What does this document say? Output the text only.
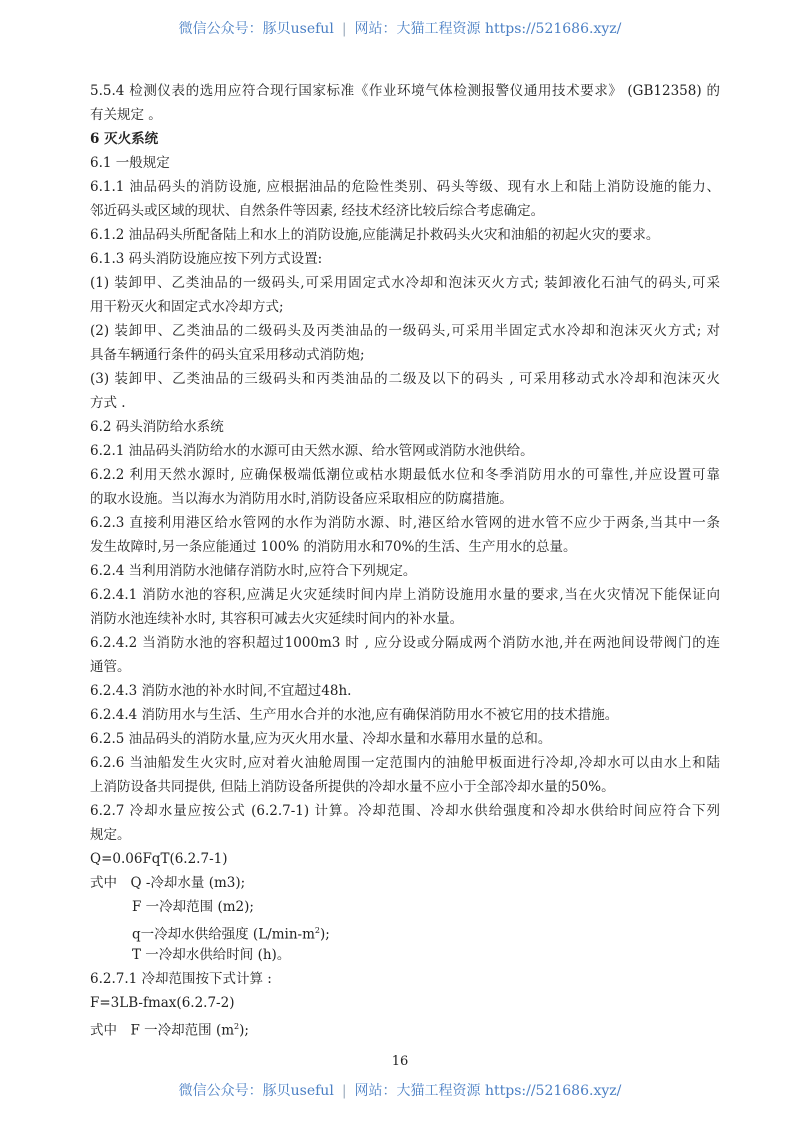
微信公众号：豚贝useful | 网站：大猫工程资源 https://521686.xyz/
5.5.4 检测仪表的选用应符合现行国家标准《作业环境气体检测报警仪通用技术要求》 (GB12358) 的
有关规定 。
6 灭火系统
6.1 一般规定
6.1.1 油品码头的消防设施, 应根据油品的危险性类别、码头等级、现有水上和陆上消防设施的能力、
邻近码头或区域的现状、自然条件等因素, 经技术经济比较后综合考虑确定。
6.1.2 油品码头所配备陆上和水上的消防设施,应能满足扑救码头火灾和油船的初起火灾的要求。
6.1.3 码头消防设施应按下列方式设置:
(1) 装卸甲、乙类油品的一级码头,可采用固定式水冷却和泡沫灭火方式; 装卸液化石油气的码头,可采
用干粉灭火和固定式水冷却方式;
(2) 装卸甲、乙类油品的二级码头及丙类油品的一级码头,可采用半固定式水冷却和泡沫灭火方式; 对
具备车辆通行条件的码头宜采用移动式消防炮;
(3) 装卸甲、乙类油品的三级码头和丙类油品的二级及以下的码头 , 可采用移动式水冷却和泡沫灭火
方式 .
6.2 码头消防给水系统
6.2.1 油品码头消防给水的水源可由天然水源、给水管网或消防水池供给。
6.2.2 利用天然水源时, 应确保极端低潮位或枯水期最低水位和冬季消防用水的可靠性,并应设置可靠
的取水设施。当以海水为消防用水时,消防设备应采取相应的防腐措施。
6.2.3 直接利用港区给水管网的水作为消防水源、时,港区给水管网的进水管不应少于两条,当其中一条
发生故障时,另一条应能通过 100% 的消防用水和70%的生活、生产用水的总量。
6.2.4 当利用消防水池储存消防水时,应符合下列规定。
6.2.4.1 消防水池的容积,应满足火灾延续时间内岸上消防设施用水量的要求,当在火灾情况下能保证向
消防水池连续补水时, 其容积可减去火灾延续时间内的补水量。
6.2.4.2 当消防水池的容积超过1000m3 时 , 应分设或分隔成两个消防水池,并在两池间设带阀门的连
通管。
6.2.4.3 消防水池的补水时间,不宜超过48h.
6.2.4.4 消防用水与生活、生产用水合并的水池,应有确保消防用水不被它用的技术措施。
6.2.5 油品码头的消防水量,应为灭火用水量、冷却水量和水幕用水量的总和。
6.2.6 当油船发生火灾时,应对着火油舱周围一定范围内的油舱甲板面进行冷却,冷却水可以由水上和陆
上消防设备共同提供, 但陆上消防设备所提供的冷却水量不应小于全部冷却水量的50%。
6.2.7 冷却水量应按公式 (6.2.7-1) 计算。冷却范围、冷却水供给强度和冷却水供给时间应符合下列
规定。
Q=0.06FqT(6.2.7-1)
式中　Q -冷却水量 (m3);
F 一冷却范围 (m2);
q一冷却水供给强度 $(L/\min-m^2)$;
T 一冷却水供给时间 (h)。
6.2.7.1 冷却范围按下式计算 :
F=3LB-fmax(6.2.7-2)
式中　F 一冷却范围 $(m^2)$;
16
微信公众号：豚贝useful | 网站：大猫工程资源 https://521686.xyz/
